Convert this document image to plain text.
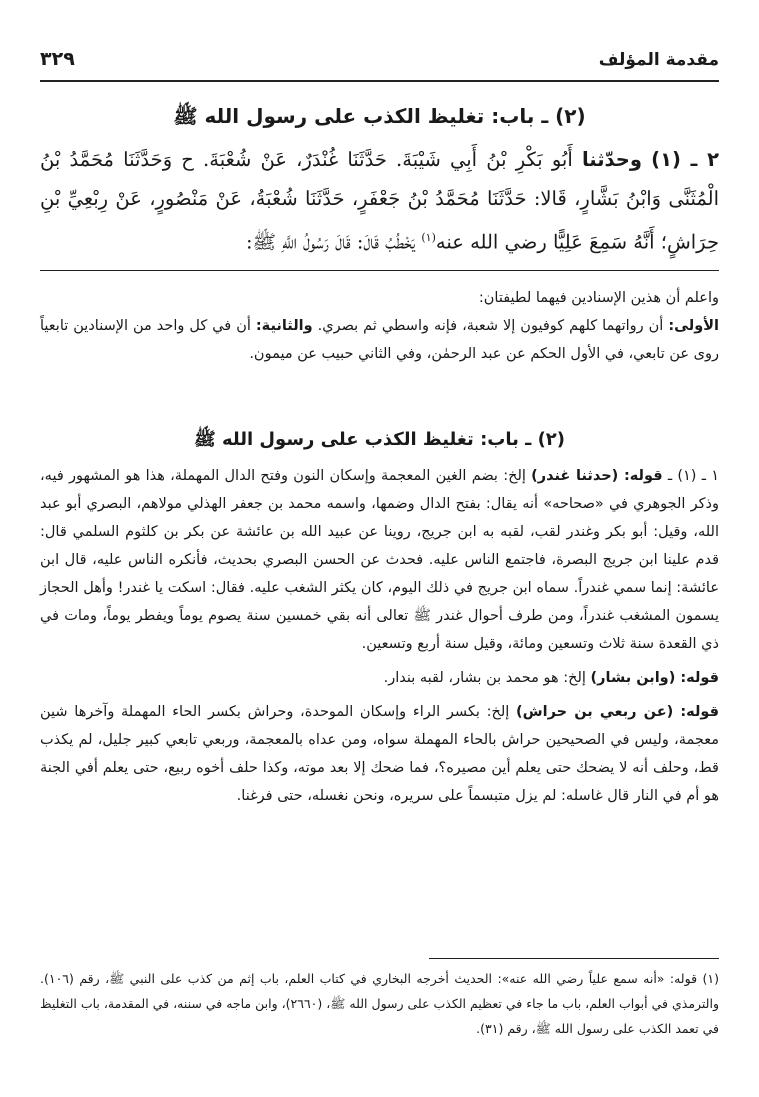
مقدمة المؤلف
٣٢٩
(٢) ـ باب: تغليظ الكذب على رسول الله ﷺ
٢ ـ (١) وحدّثنا أَبُو بَكْرِ بْنُ أَبِي شَيْبَةَ. حَدَّثَنَا غُنْدَرٌ، عَنْ شُعْبَةَ. ح وَحَدَّثَنَا مُحَمَّدُ بْنُ الْمُثَنَّى وَابْنُ بَشَّارٍ، قَالا: حَدَّثَنَا مُحَمَّدُ بْنُ جَعْفَرٍ، حَدَّثَنَا شُعْبَةُ، عَنْ مَنْصُورٍ، عَنْ رِبْعِيِّ بْنِ حِرَاشٍ؛ أَنَّهُ سَمِعَ عَلِيًّا رضي الله عنه$^{(١)}$ يَخْطُبُ قَالَ: قَالَ رَسُولُ اللَّهِ ﷺ:

واعلم أن هذين الإسنادين فيهما لطيفتان:

الأولى: أن رواتهما كلهم كوفيون إلا شعبة، فإنه واسطي ثم بصري. والثانية: أن في كل واحد من الإسنادين تابعياً روى عن تابعي، في الأول الحكم عن عبد الرحمٰن، وفي الثاني حبيب عن ميمون.

(٢) ـ باب: تغليظ الكذب على رسول الله ﷺ

١ ـ (١) ـ قوله: (حدثنا غندر) إلخ: بضم الغين المعجمة وإسكان النون وفتح الدال المهملة، هذا هو المشهور فيه، وذكر الجوهري في «صحاحه» أنه يقال: بفتح الدال وضمها، واسمه محمد بن جعفر الهذلي مولاهم، البصري أبو عبد الله، وقيل: أبو بكر وغندر لقب، لقبه به ابن جريج، روينا عن عبيد الله بن عائشة عن بكر بن كلثوم السلمي قال: قدم علينا ابن جريج البصرة، فاجتمع الناس عليه. فحدث عن الحسن البصري بحديث، فأنكره الناس عليه، قال ابن عائشة: إنما سمي غندراً. سماه ابن جريج في ذلك اليوم، كان يكثر الشغب عليه. فقال: اسكت يا غندر! وأهل الحجاز يسمون المشغب غندراً، ومن طرف أحوال غندر ﷺ تعالى أنه بقي خمسين سنة يصوم يوماً ويفطر يوماً، ومات في ذي القعدة سنة ثلاث وتسعين ومائة، وقيل سنة أربع وتسعين.

قوله: (وابن بشار) إلخ: هو محمد بن بشار، لقبه بندار.

قوله: (عن ربعي بن حراش) إلخ: بكسر الراء وإسكان الموحدة، وحراش بكسر الحاء المهملة وآخرها شين معجمة، وليس في الصحيحين حراش بالحاء المهملة سواه، ومن عداه بالمعجمة، وربعي تابعي كبير جليل، لم يكذب قط، وحلف أنه لا يضحك حتى يعلم أين مصيره؟، فما ضحك إلا بعد موته، وكذا حلف أخوه ربيع، حتى يعلم أفي الجنة هو أم في النار قال غاسله: لم يزل متبسماً على سريره، ونحن نغسله، حتى فرغنا.

(١) قوله: «أنه سمع علياً رضي الله عنه»: الحديث أخرجه البخاري في كتاب العلم، باب إثم من كذب على النبي ﷺ، رقم (١٠٦). والترمذي في أبواب العلم، باب ما جاء في تعظيم الكذب على رسول الله ﷺ، (٢٦٦٠)، وابن ماجه في سننه، في المقدمة، باب التغليظ في تعمد الكذب على رسول الله ﷺ، رقم (٣١).
